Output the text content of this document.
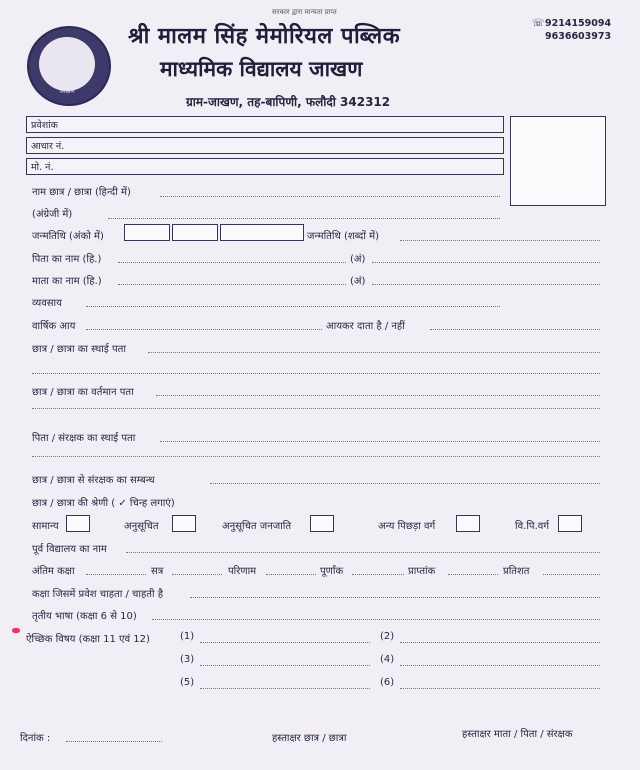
जाखण
सरकार द्वारा मान्यता प्राप्त
श्री मालम सिंह मेमोरियल पब्लिक
माध्यमिक विद्यालय जाखण
ग्राम-जाखण, तह-बापिणी, फलौदी 342312
☏ 9214159094
9636603973
प्रवेशांक
आधार नं.
मो. नं.
नाम छात्र / छात्रा (हिन्दी में)
(अंग्रेजी में)
जन्मतिथि (अंको में)	जन्मतिथि (शब्दों में)
पिता का नाम (हि.)	(अं)
माता का नाम (हि.)	(अं)
व्यवसाय
वार्षिक आय	आयकर दाता है / नहीं
छात्र / छात्रा का स्थाई पता
छात्र / छात्रा का वर्तमान पता
पिता / संरक्षक का स्थाई पता
छात्र / छात्रा से संरक्षक का सम्बन्ध
छात्र / छात्रा की श्रेणी ( ✓ चिन्ह लगाएं)
सामान्य	अनुसूचित	अनुसूचित जनजाति	अन्य पिछड़ा वर्ग	वि.पि.वर्ग
पूर्व विद्यालय का नाम
अंतिम कक्षा	सत्र	परिणाम	पूर्णांक	प्राप्तांक	प्रतिशत
कक्षा जिसमें प्रवेश चाहता / चाहती है
तृतीय भाषा (कक्षा 6 से 10)
ऐच्छिक विषय (कक्षा 11 एवं 12)	(1)	(2)
(3)	(4)
(5)	(6)
दिनांक :	हस्ताक्षर छात्र / छात्रा	हस्ताक्षर माता / पिता / संरक्षक
